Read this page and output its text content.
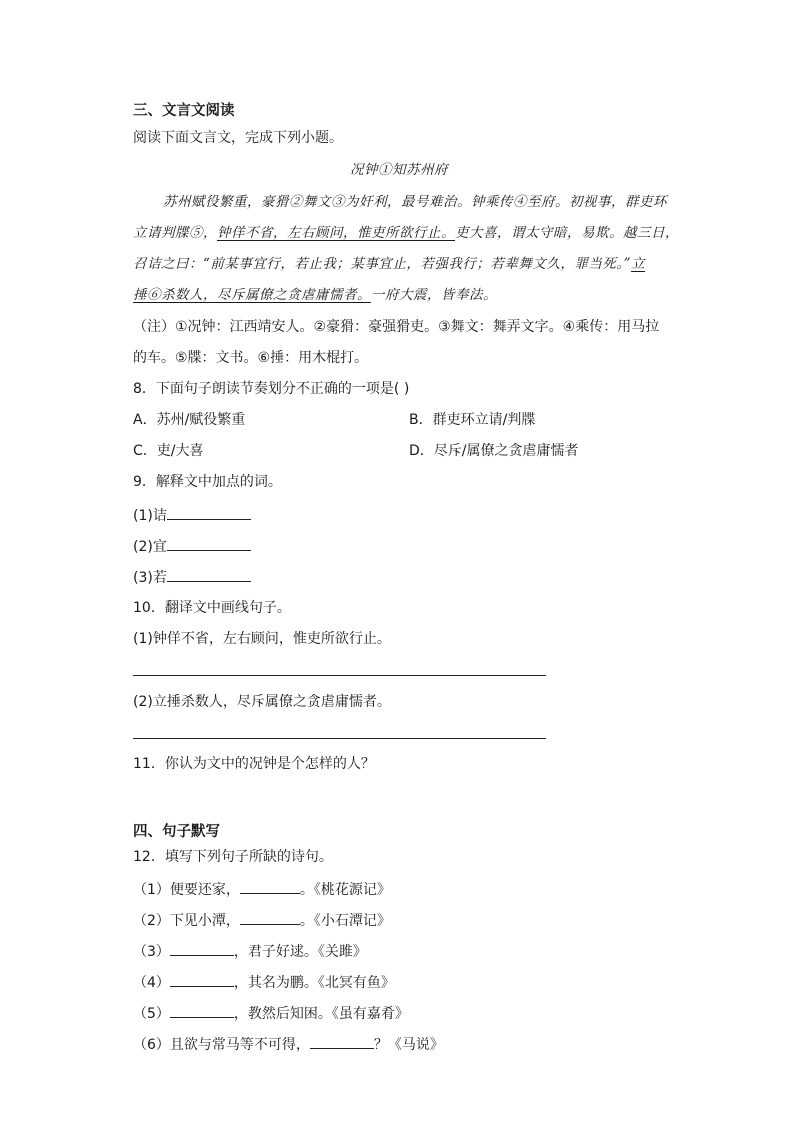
三、文言文阅读
阅读下面文言文，完成下列小题。
况钟①知苏州府
苏州赋役繁重，豪猾②舞文③为奸利，最号难治。钟乘传④至府。初视事，群吏环
立请判牒⑤，钟佯不省，左右顾问，惟吏所欲行止。吏大喜，谓太守暗，易欺。越三日，
召诘之曰：“前某事宜行，若止我；某事宜止，若强我行；若辈舞文久，罪当死。”立
捶⑥杀数人，尽斥属僚之贪虐庸懦者。一府大震，皆奉法。
（注）①况钟：江西靖安人。②豪猾：豪强猾吏。③舞文：舞弄文字。④乘传：用马拉
的车。⑤牒：文书。⑥捶：用木棍打。
8．下面句子朗读节奏划分不正确的一项是( )
A．苏州/赋役繁重	B．群吏环立请/判牒
C．吏/大喜	D．尽斥/属僚之贪虐庸懦者
9．解释文中加点的词。
(1)诘
(2)宜
(3)若
10．翻译文中画线句子。
(1)钟佯不省，左右顾问，惟吏所欲行止。
(2)立捶杀数人，尽斥属僚之贪虐庸懦者。
11．你认为文中的况钟是个怎样的人？
四、句子默写
12．填写下列句子所缺的诗句。
（1）便要还家，	。《桃花源记》
（2）下见小潭，	。《小石潭记》
（3）	，君子好逑。《关雎》
（4）	，其名为鹏。《北冥有鱼》
（5）	，教然后知困。《虽有嘉肴》
（6）且欲与常马等不可得，	？《马说》
